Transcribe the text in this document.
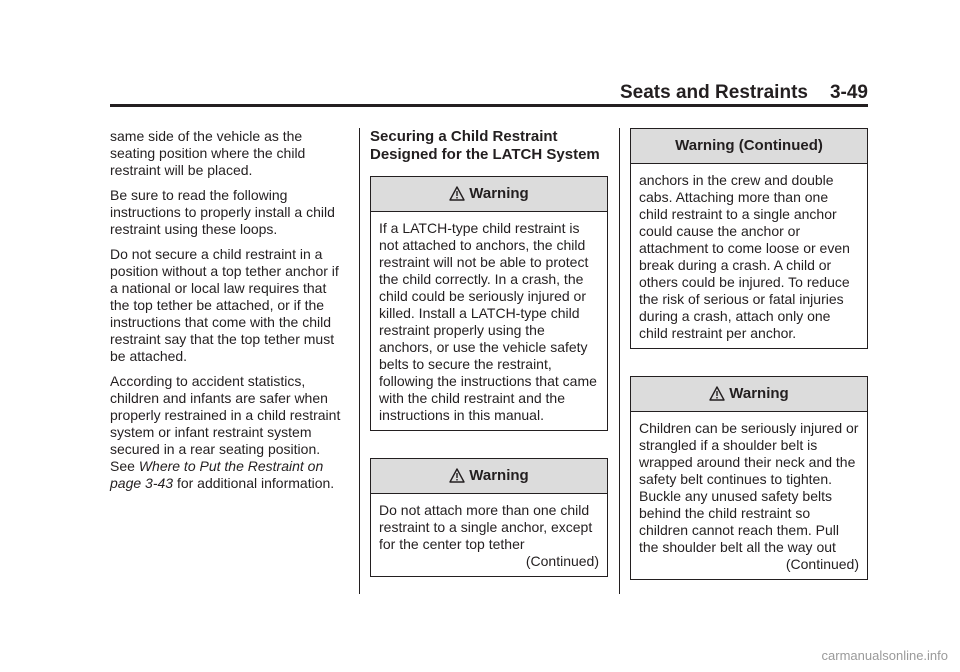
Seats and Restraints 3-49

same side of the vehicle as the seating position where the child restraint will be placed.

Be sure to read the following instructions to properly install a child restraint using these loops.

Do not secure a child restraint in a position without a top tether anchor if a national or local law requires that the top tether be attached, or if the instructions that come with the child restraint say that the top tether must be attached.

According to accident statistics, children and infants are safer when properly restrained in a child restraint system or infant restraint system secured in a rear seating position. See Where to Put the Restraint on page 3-43 for additional information.

Securing a Child Restraint Designed for the LATCH System
Warning
If a LATCH-type child restraint is not attached to anchors, the child restraint will not be able to protect the child correctly. In a crash, the child could be seriously injured or killed. Install a LATCH-type child restraint properly using the anchors, or use the vehicle safety belts to secure the restraint, following the instructions that came with the child restraint and the instructions in this manual.
Warning
Do not attach more than one child restraint to a single anchor, except for the center top tether
(Continued)
Warning (Continued)
anchors in the crew and double cabs. Attaching more than one child restraint to a single anchor could cause the anchor or attachment to come loose or even break during a crash. A child or others could be injured. To reduce the risk of serious or fatal injuries during a crash, attach only one child restraint per anchor.
Warning
Children can be seriously injured or strangled if a shoulder belt is wrapped around their neck and the safety belt continues to tighten. Buckle any unused safety belts behind the child restraint so children cannot reach them. Pull the shoulder belt all the way out
(Continued)
carmanualsonline.info
